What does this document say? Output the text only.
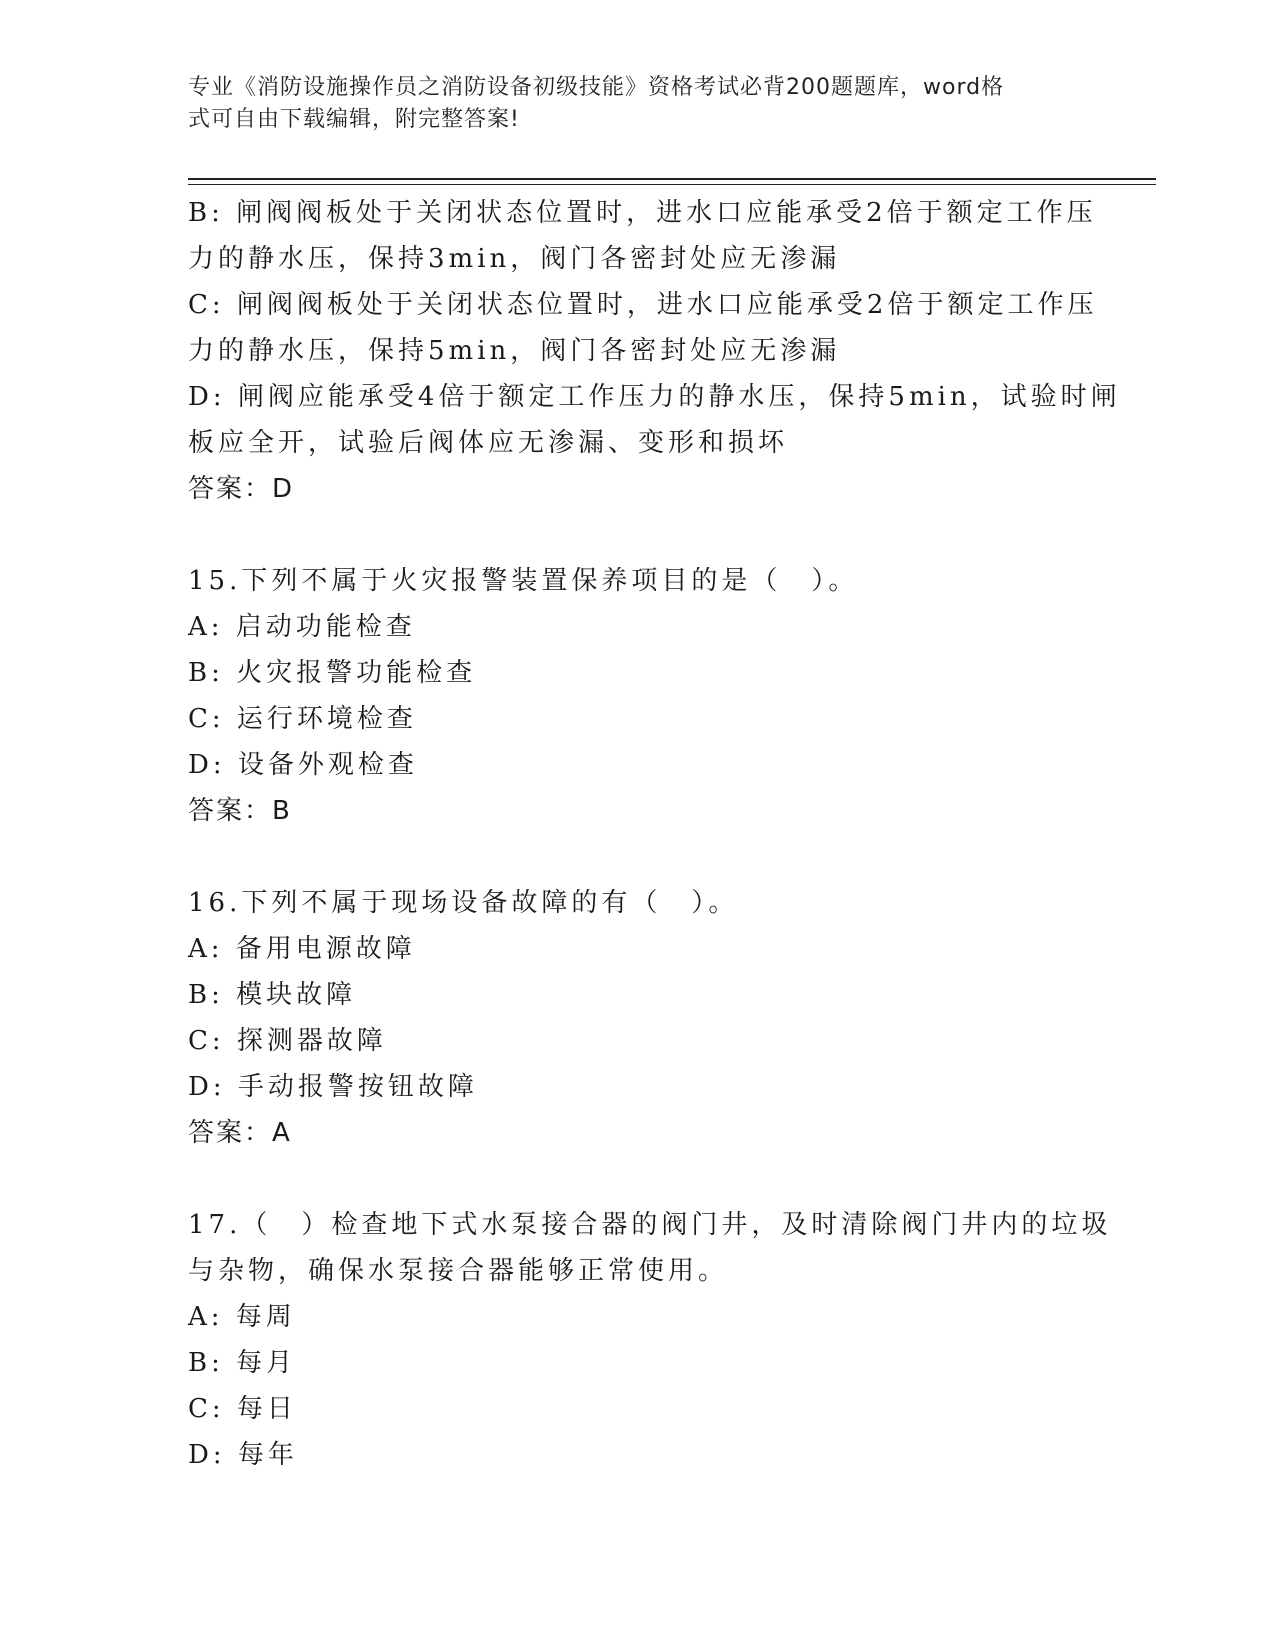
专业《消防设施操作员之消防设备初级技能》资格考试必背200题题库，word格
式可自由下载编辑，附完整答案!
B: 闸阀阀板处于关闭状态位置时，进水口应能承受2倍于额定工作压
力的静水压，保持3min，阀门各密封处应无渗漏
C: 闸阀阀板处于关闭状态位置时，进水口应能承受2倍于额定工作压
力的静水压，保持5min，阀门各密封处应无渗漏
D: 闸阀应能承受4倍于额定工作压力的静水压，保持5min，试验时闸
板应全开，试验后阀体应无渗漏、变形和损坏
答案：D
15.下列不属于火灾报警装置保养项目的是（　）。
A: 启动功能检查
B: 火灾报警功能检查
C: 运行环境检查
D: 设备外观检查
答案：B
16.下列不属于现场设备故障的有（　）。
A: 备用电源故障
B: 模块故障
C: 探测器故障
D: 手动报警按钮故障
答案：A
17.（　）检查地下式水泵接合器的阀门井，及时清除阀门井内的垃圾
与杂物，确保水泵接合器能够正常使用。
A: 每周
B: 每月
C: 每日
D: 每年
